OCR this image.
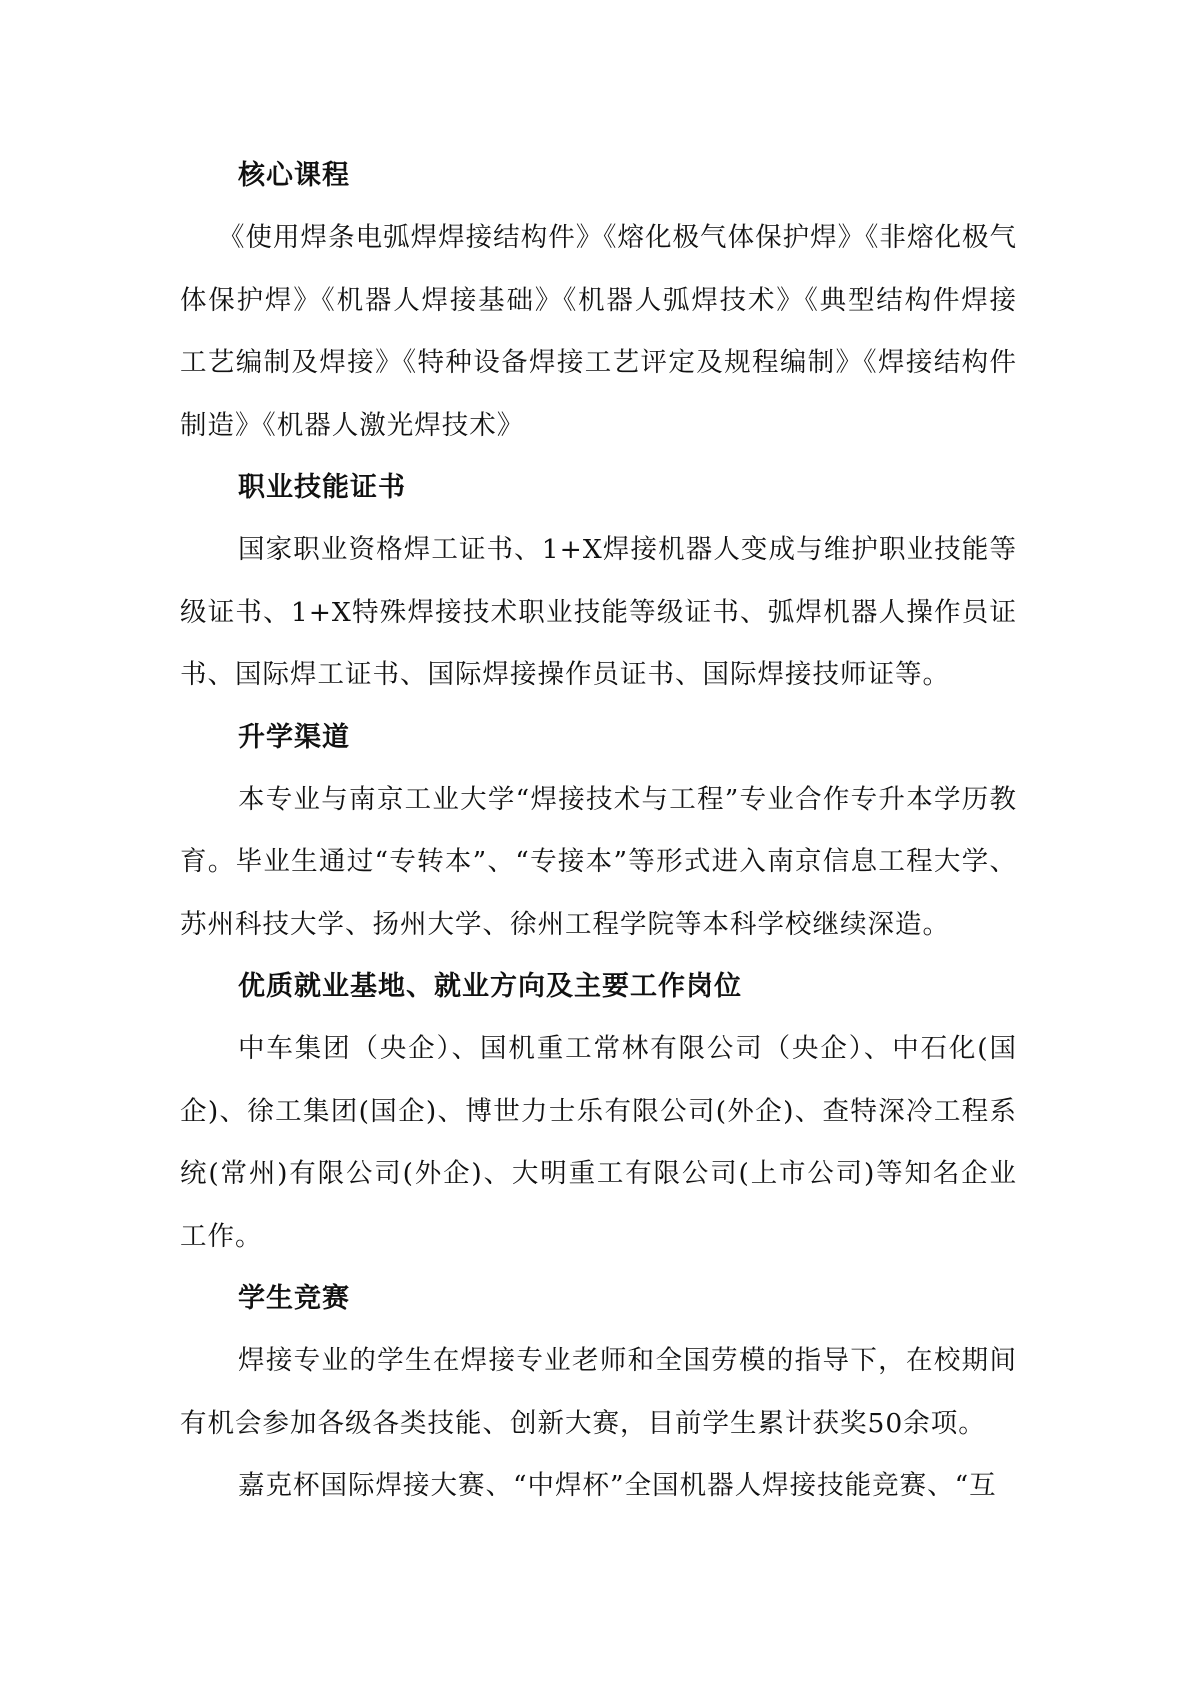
核心课程

《使用焊条电弧焊焊接结构件》《熔化极气体保护焊》《非熔化极气体保护焊》《机器人焊接基础》《机器人弧焊技术》《典型结构件焊接工艺编制及焊接》《特种设备焊接工艺评定及规程编制》《焊接结构件制造》《机器人激光焊技术》

职业技能证书

国家职业资格焊工证书、1+X焊接机器人变成与维护职业技能等级证书、1+X特殊焊接技术职业技能等级证书、弧焊机器人操作员证书、国际焊工证书、国际焊接操作员证书、国际焊接技师证等。

升学渠道

本专业与南京工业大学“焊接技术与工程”专业合作专升本学历教育。毕业生通过“专转本”、“专接本”等形式进入南京信息工程大学、苏州科技大学、扬州大学、徐州工程学院等本科学校继续深造。

优质就业基地、就业方向及主要工作岗位

中车集团（央企）、国机重工常林有限公司（央企）、中石化(国企)、徐工集团(国企)、博世力士乐有限公司(外企)、查特深冷工程系统(常州)有限公司(外企)、大明重工有限公司(上市公司)等知名企业工作。

学生竞赛

焊接专业的学生在焊接专业老师和全国劳模的指导下，在校期间有机会参加各级各类技能、创新大赛，目前学生累计获奖50余项。

嘉克杯国际焊接大赛、“中焊杯”全国机器人焊接技能竞赛、“互
